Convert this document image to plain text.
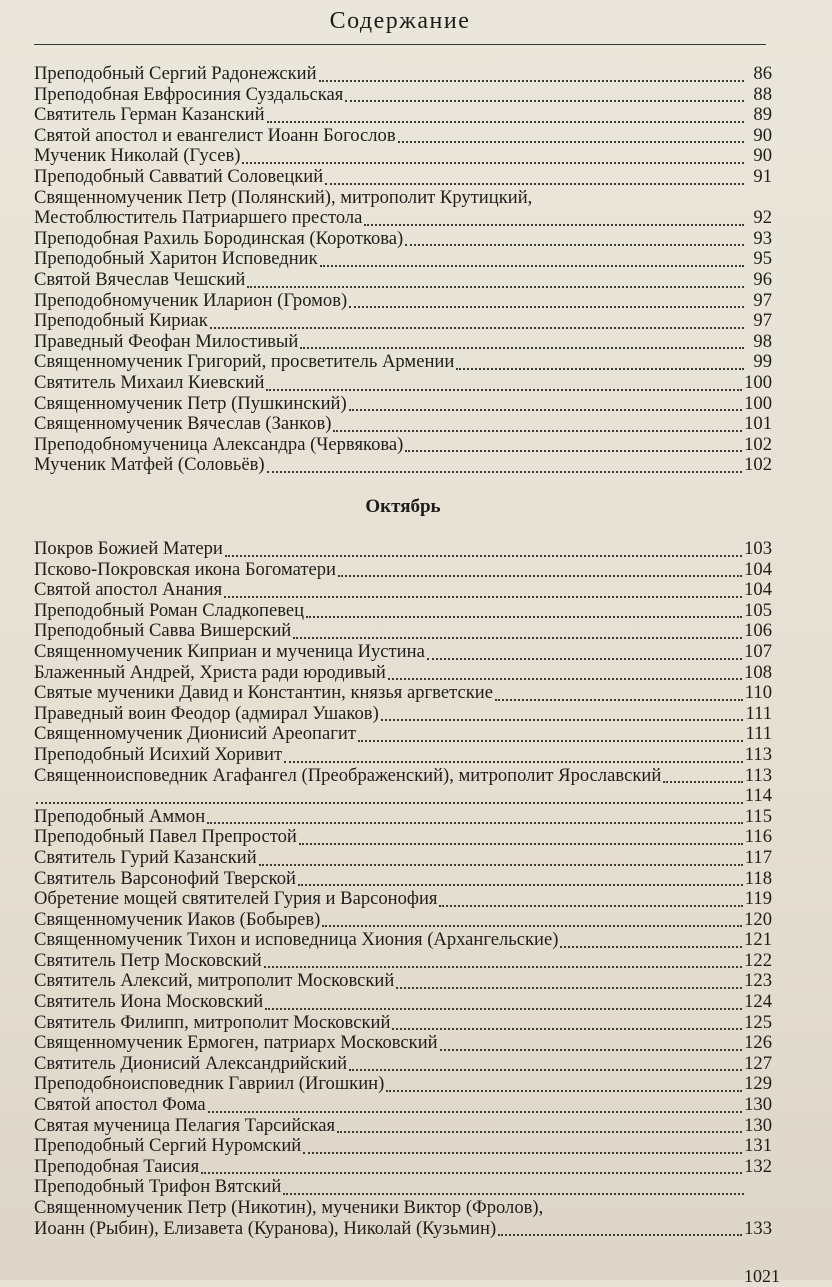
Содержание
Преподобный Сергий Радонежский	86
Преподобная Евфросиния Суздальская	88
Святитель Герман Казанский	89
Святой апостол и евангелист Иоанн Богослов	90
Мученик Николай (Гусев)	90
Преподобный Савватий Соловецкий	91
Священномученик Петр (Полянский), митрополит Крутицкий,
Местоблюститель Патриаршего престола	92
Преподобная Рахиль Бородинская (Короткова)	93
Преподобный Харитон Исповедник	95
Святой Вячеслав Чешский	96
Преподобномученик Иларион (Громов)	97
Преподобный Кириак	97
Праведный Феофан Милостивый	98
Священномученик Григорий, просветитель Армении	99
Святитель Михаил Киевский	100
Священномученик Петр (Пушкинский)	100
Священномученик Вячеслав (Занков)	101
Преподобномученица Александра (Червякова)	102
Мученик Матфей (Соловьёв)	102
Октябрь
Покров Божией Матери	103
Псково-Покровская икона Богоматери	104
Святой апостол Анания	104
Преподобный Роман Сладкопевец	105
Преподобный Савва Вишерский	106
Священномученик Киприан и мученица Иустина	107
Блаженный Андрей, Христа ради юродивый	108
Святые мученики Давид и Константин, князья аргветские	110
Праведный воин Феодор (адмирал Ушаков)	111
Священномученик Дионисий Ареопагит	111
Преподобный Исихий Хоривит	113
Священноисповедник Агафангел (Преображенский), митрополит Ярославский	113
114
Преподобный Аммон	115
Преподобный Павел Препростой	116
Святитель Гурий Казанский	117
Святитель Варсонофий Тверской	118
Обретение мощей святителей Гурия и Варсонофия	119
Священномученик Иаков (Бобырев)	120
Священномученик Тихон и исповедница Хиония (Архангельские)	121
Святитель Петр Московский	122
Святитель Алексий, митрополит Московский	123
Святитель Иона Московский	124
Святитель Филипп, митрополит Московский	125
Священномученик Ермоген, патриарх Московский	126
Святитель Дионисий Александрийский	127
Преподобноисповедник Гавриил (Игошкин)	129
Святой апостол Фома	130
Святая мученица Пелагия Тарсийская	130
Преподобный Сергий Нуромский	131
Преподобная Таисия	132
Преподобный Трифон Вятский
Священномученик Петр (Никотин), мученики Виктор (Фролов),
Иоанн (Рыбин), Елизавета (Куранова), Николай (Кузьмин)	133
1021
